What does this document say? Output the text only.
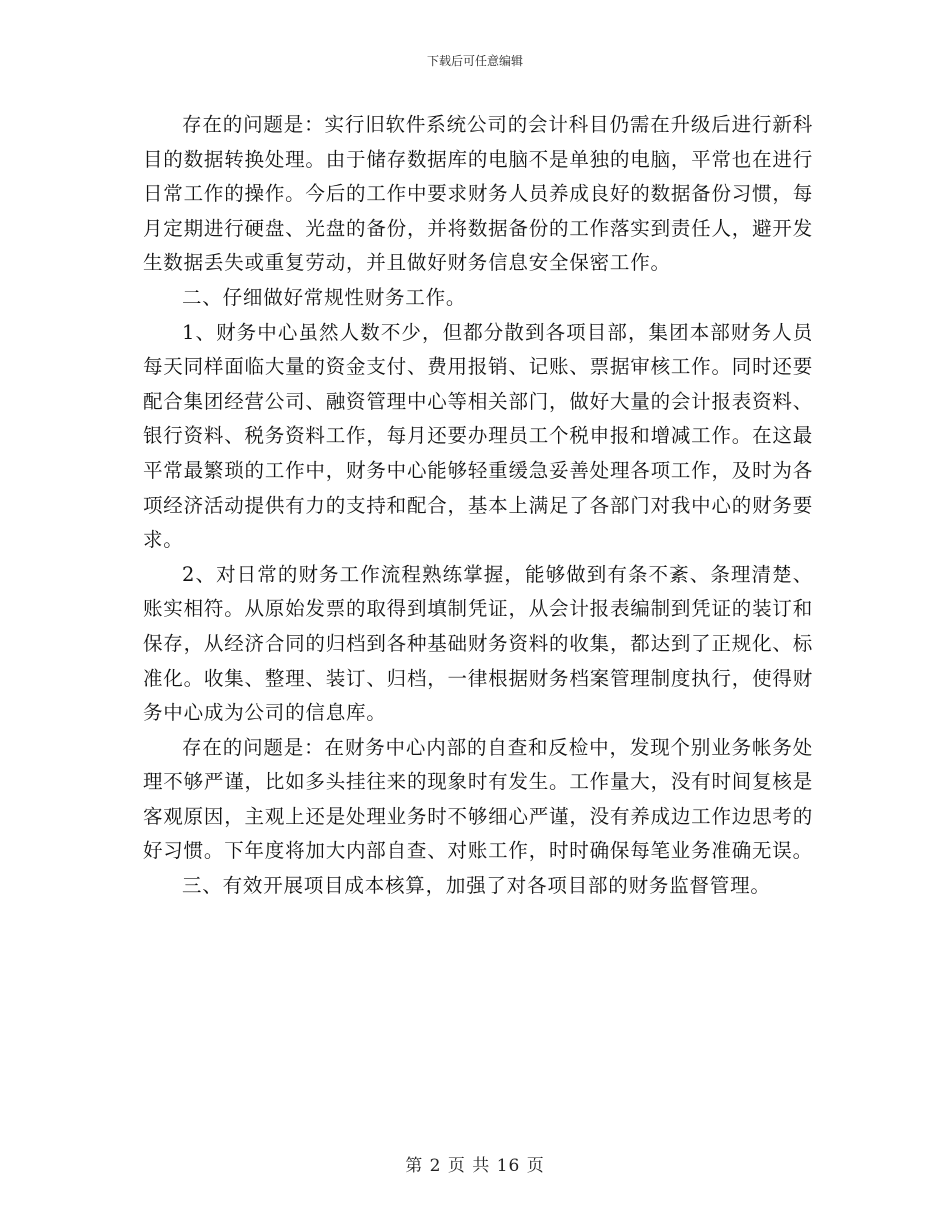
下载后可任意编辑

存在的问题是：实行旧软件系统公司的会计科目仍需在升级后进行新科目的数据转换处理。由于储存数据库的电脑不是单独的电脑，平常也在进行日常工作的操作。今后的工作中要求财务人员养成良好的数据备份习惯，每月定期进行硬盘、光盘的备份，并将数据备份的工作落实到责任人，避开发生数据丢失或重复劳动，并且做好财务信息安全保密工作。

二、仔细做好常规性财务工作。

1、财务中心虽然人数不少，但都分散到各项目部，集团本部财务人员每天同样面临大量的资金支付、费用报销、记账、票据审核工作。同时还要配合集团经营公司、融资管理中心等相关部门，做好大量的会计报表资料、银行资料、税务资料工作，每月还要办理员工个税申报和增减工作。在这最平常最繁琐的工作中，财务中心能够轻重缓急妥善处理各项工作，及时为各项经济活动提供有力的支持和配合，基本上满足了各部门对我中心的财务要求。

2、对日常的财务工作流程熟练掌握，能够做到有条不紊、条理清楚、账实相符。从原始发票的取得到填制凭证，从会计报表编制到凭证的装订和保存，从经济合同的归档到各种基础财务资料的收集，都达到了正规化、标准化。收集、整理、装订、归档，一律根据财务档案管理制度执行，使得财务中心成为公司的信息库。

存在的问题是：在财务中心内部的自查和反检中，发现个别业务帐务处理不够严谨，比如多头挂往来的现象时有发生。工作量大，没有时间复核是客观原因，主观上还是处理业务时不够细心严谨，没有养成边工作边思考的好习惯。下年度将加大内部自查、对账工作，时时确保每笔业务准确无误。

三、有效开展项目成本核算，加强了对各项目部的财务监督管理。

第 2 页 共 16 页
